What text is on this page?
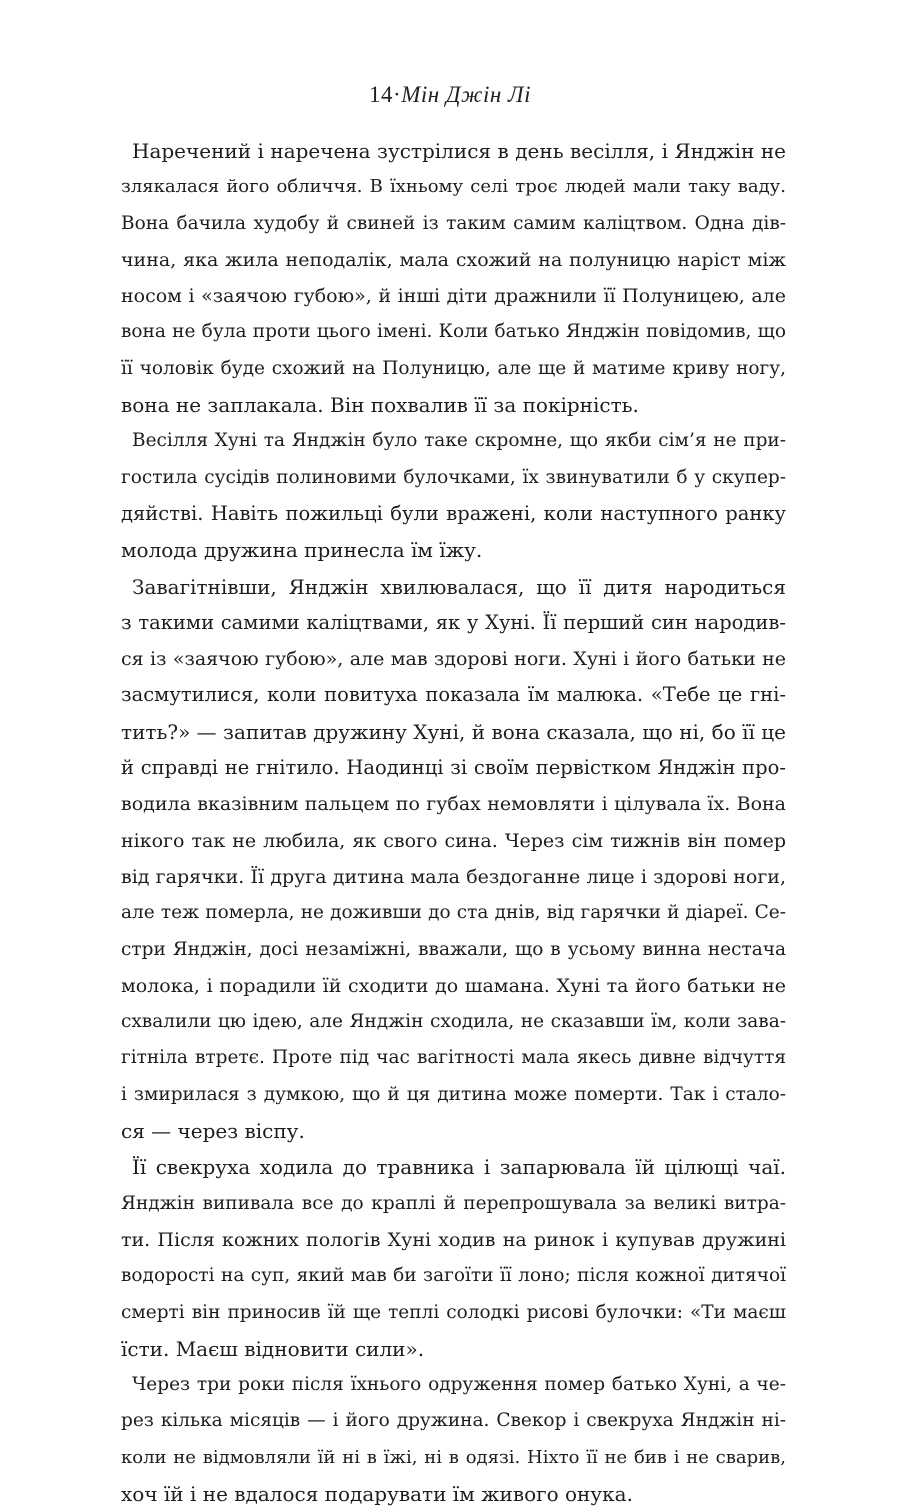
14·Мін Джін Лі
Наречений і наречена зустрілися в день весілля, і Янджін не
злякалася його обличчя. В їхньому селі троє людей мали таку ваду.
Вона бачила худобу й свиней із таким самим каліцтвом. Одна дів-
чина, яка жила неподалік, мала схожий на полуницю наріст між
носом і «заячою губою», й інші діти дражнили її Полуницею, але
вона не була проти цього імені. Коли батько Янджін повідомив, що
її чоловік буде схожий на Полуницю, але ще й матиме криву ногу,
вона не заплакала. Він похвалив її за покірність.
Весілля Хуні та Янджін було таке скромне, що якби сім’я не при-
гостила сусідів полиновими булочками, їх звинуватили б у скупер-
дяйстві. Навіть пожильці були вражені, коли наступного ранку
молода дружина принесла їм їжу.
Завагітнівши, Янджін хвилювалася, що її дитя народиться
з такими самими каліцтвами, як у Хуні. Її перший син народив-
ся із «заячою губою», але мав здорові ноги. Хуні і його батьки не
засмутилися, коли повитуха показала їм малюка. «Тебе це гні-
тить?» — запитав дружину Хуні, й вона сказала, що ні, бо її це
й справді не гнітило. Наодинці зі своїм первістком Янджін про-
водила вказівним пальцем по губах немовляти і цілувала їх. Вона
нікого так не любила, як свого сина. Через сім тижнів він помер
від гарячки. Її друга дитина мала бездоганне лице і здорові ноги,
але теж померла, не доживши до ста днів, від гарячки й діареї. Се-
стри Янджін, досі незаміжні, вважали, що в усьому винна нестача
молока, і порадили їй сходити до шамана. Хуні та його батьки не
схвалили цю ідею, але Янджін сходила, не сказавши їм, коли зава-
гітніла втретє. Проте під час вагітності мала якесь дивне відчуття
і змирилася з думкою, що й ця дитина може померти. Так і стало-
ся — через віспу.
Її свекруха ходила до травника і запарювала їй цілющі чаї.
Янджін випивала все до краплі й перепрошувала за великі витра-
ти. Після кожних пологів Хуні ходив на ринок і купував дружині
водорості на суп, який мав би загоїти її лоно; після кожної дитячої
смерті він приносив їй ще теплі солодкі рисові булочки: «Ти маєш
їсти. Маєш відновити сили».
Через три роки після їхнього одруження помер батько Хуні, а че-
рез кілька місяців — і його дружина. Свекор і свекруха Янджін ні-
коли не відмовляли їй ні в їжі, ні в одязі. Ніхто її не бив і не сварив,
хоч їй і не вдалося подарувати їм живого онука.
